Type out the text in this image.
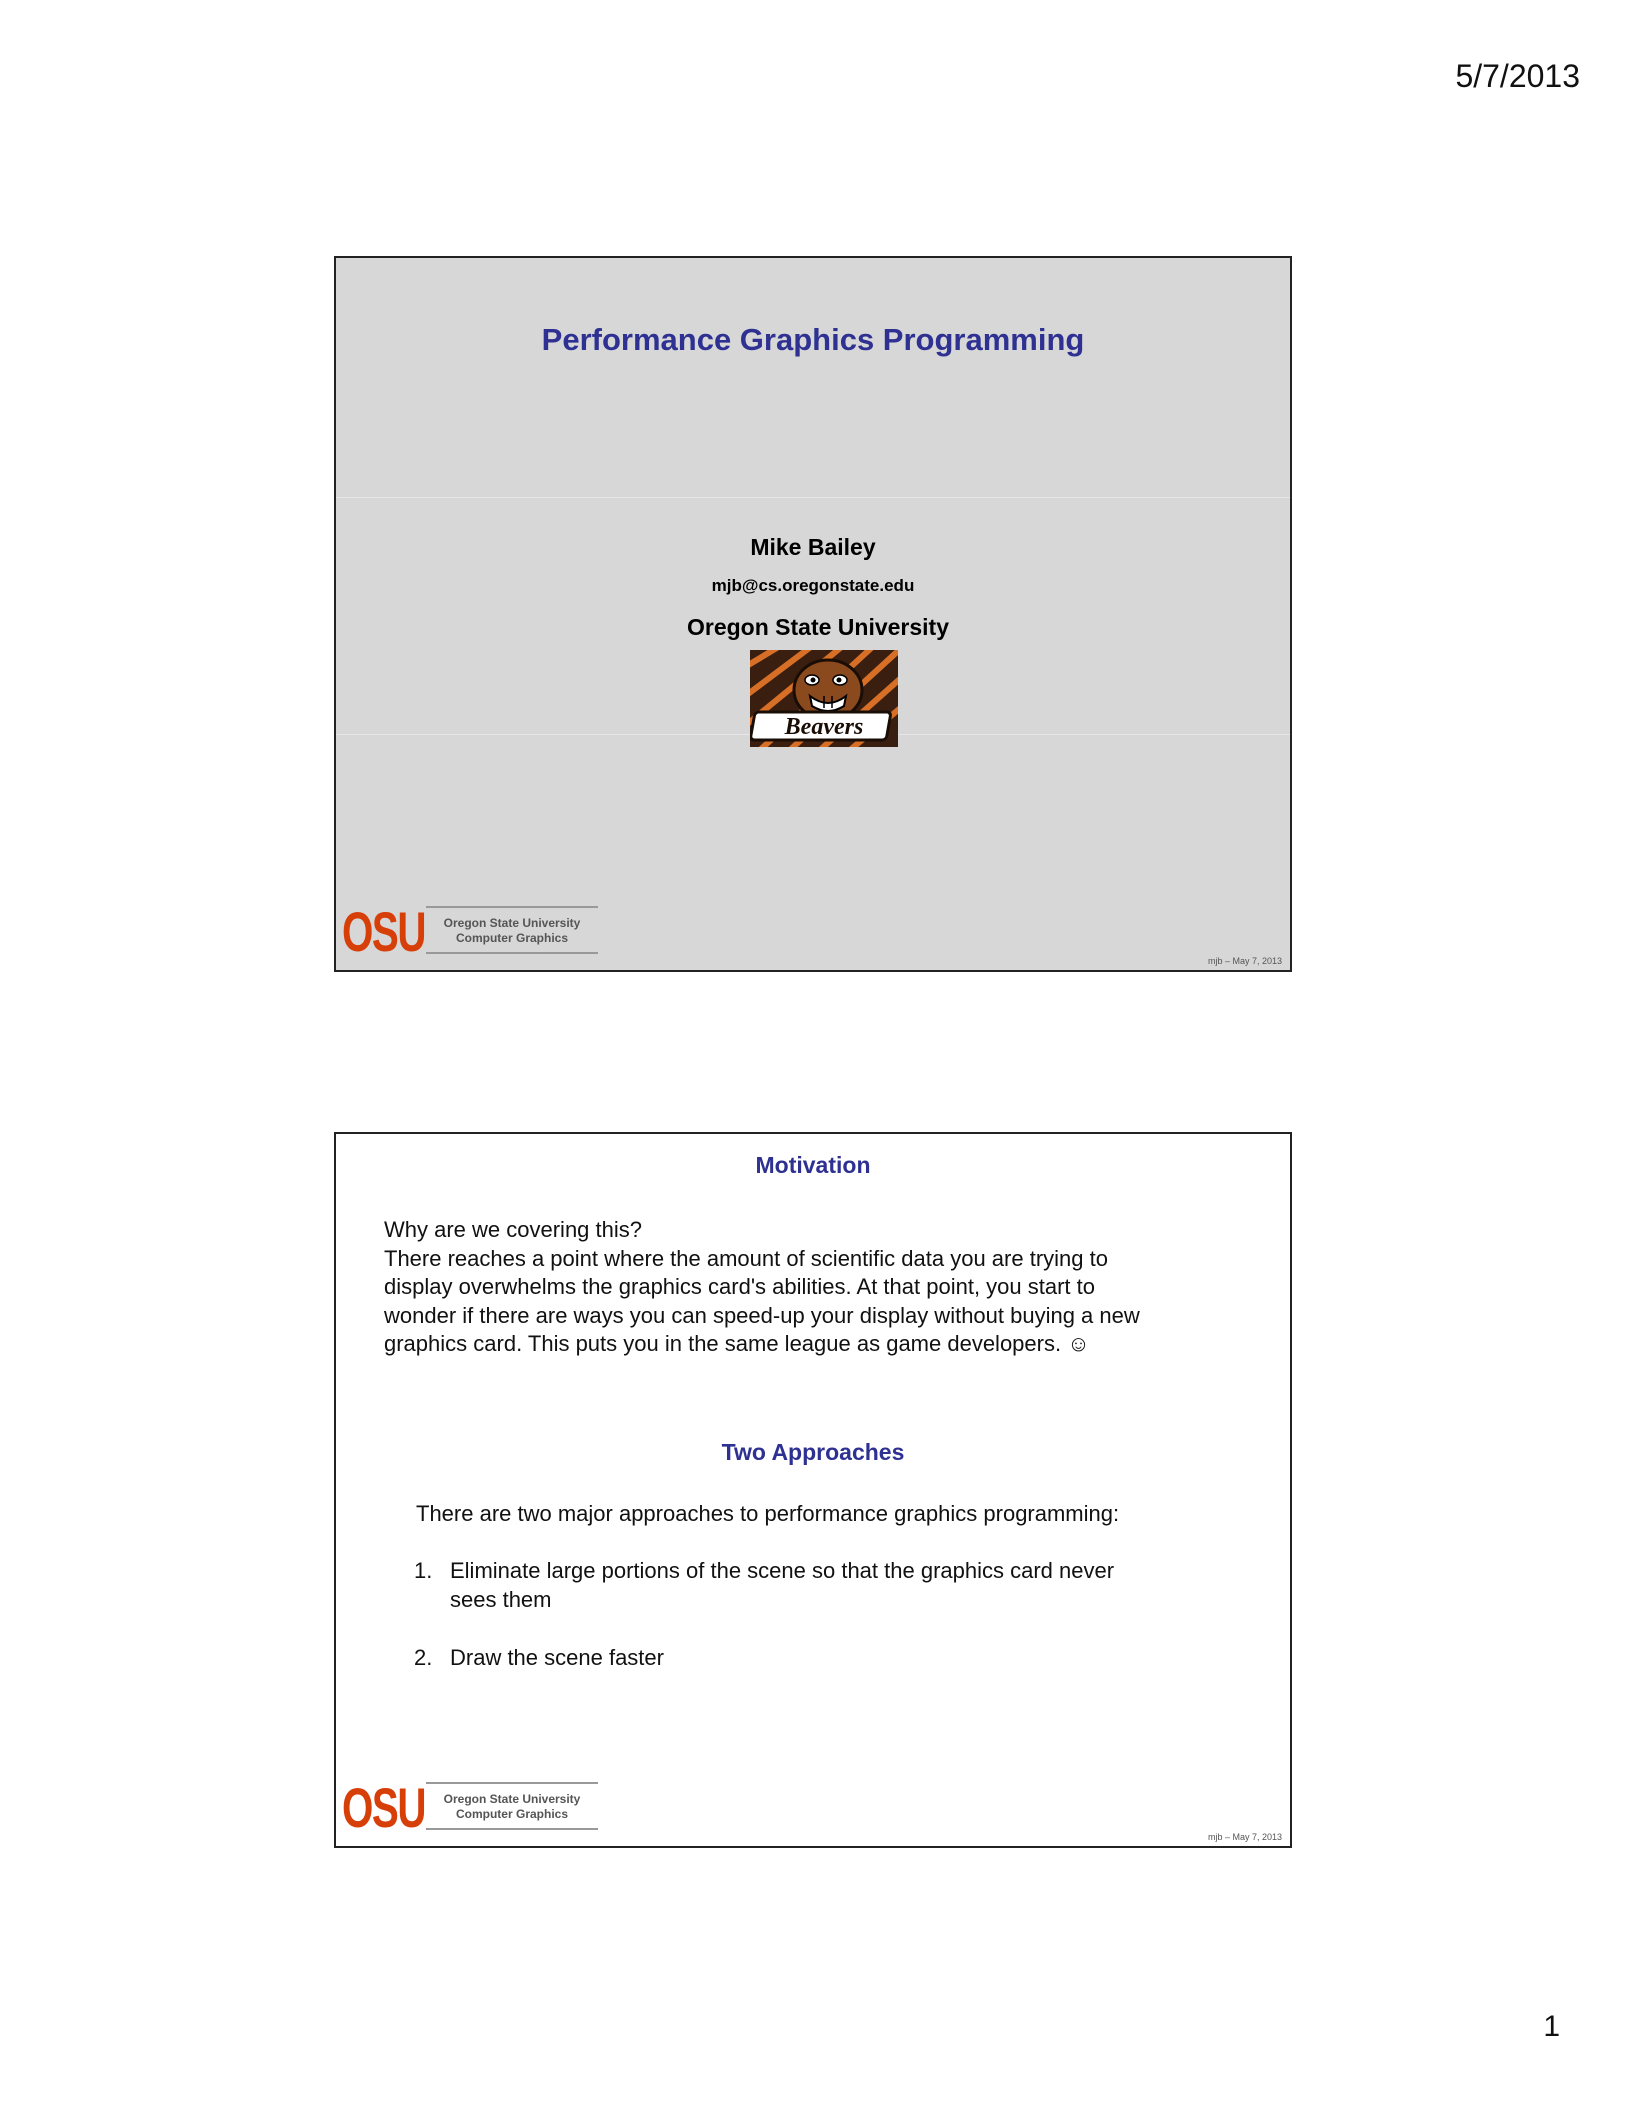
5/7/2013
Performance Graphics Programming
Mike Bailey
mjb@cs.oregonstate.edu
Oregon State University
Beavers
OSU	Oregon State University
Computer Graphics
mjb – May 7, 2013
Motivation
Why are we covering this?
There reaches a point where the amount of scientific data you are trying to
display overwhelms the graphics card's abilities. At that point, you start to
wonder if there are ways you can speed-up your display without buying a new
graphics card. This puts you in the same league as game developers. ☺
Two Approaches
There are two major approaches to performance graphics programming:
1. Eliminate large portions of the scene so that the graphics card never
sees them
2. Draw the scene faster
OSU	Oregon State University
Computer Graphics
mjb – May 7, 2013
1
